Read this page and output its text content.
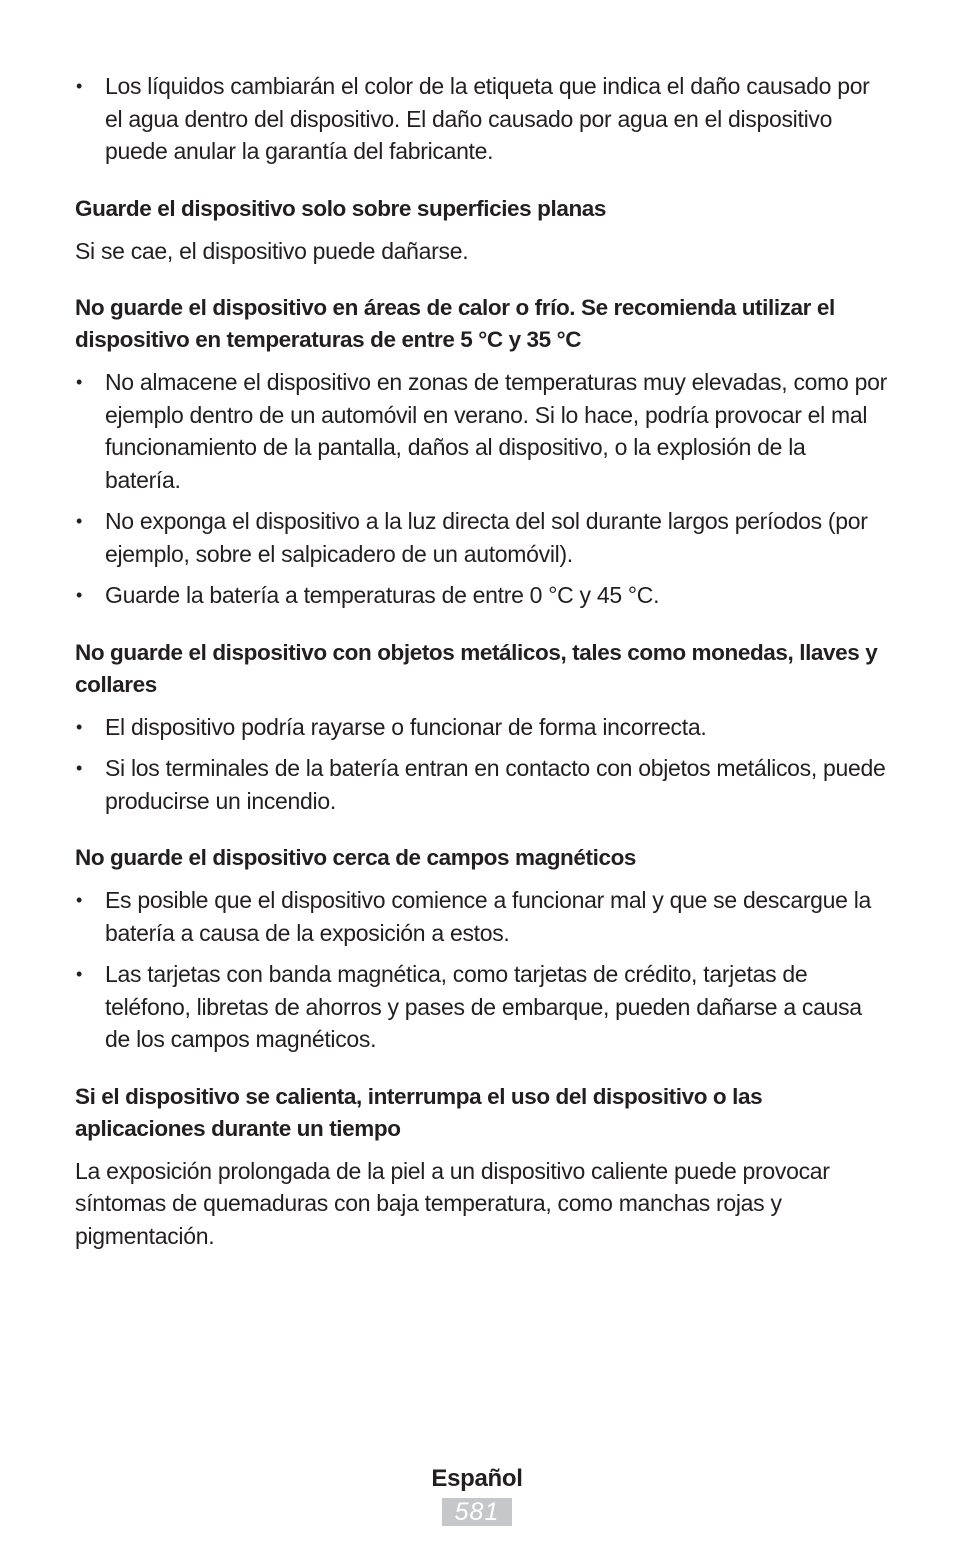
• Los líquidos cambiarán el color de la etiqueta que indica el daño causado por el agua dentro del dispositivo. El daño causado por agua en el dispositivo puede anular la garantía del fabricante.
Guarde el dispositivo solo sobre superficies planas

Si se cae, el dispositivo puede dañarse.

No guarde el dispositivo en áreas de calor o frío. Se recomienda utilizar el dispositivo en temperaturas de entre 5 °C y 35 °C
• No almacene el dispositivo en zonas de temperaturas muy elevadas, como por ejemplo dentro de un automóvil en verano. Si lo hace, podría provocar el mal funcionamiento de la pantalla, daños al dispositivo, o la explosión de la batería.
• No exponga el dispositivo a la luz directa del sol durante largos períodos (por ejemplo, sobre el salpicadero de un automóvil).
• Guarde la batería a temperaturas de entre 0 °C y 45 °C.
No guarde el dispositivo con objetos metálicos, tales como monedas, llaves y collares
• El dispositivo podría rayarse o funcionar de forma incorrecta.
• Si los terminales de la batería entran en contacto con objetos metálicos, puede producirse un incendio.
No guarde el dispositivo cerca de campos magnéticos
• Es posible que el dispositivo comience a funcionar mal y que se descargue la batería a causa de la exposición a estos.
• Las tarjetas con banda magnética, como tarjetas de crédito, tarjetas de teléfono, libretas de ahorros y pases de embarque, pueden dañarse a causa de los campos magnéticos.
Si el dispositivo se calienta, interrumpa el uso del dispositivo o las aplicaciones durante un tiempo

La exposición prolongada de la piel a un dispositivo caliente puede provocar síntomas de quemaduras con baja temperatura, como manchas rojas y pigmentación.

Español
581
